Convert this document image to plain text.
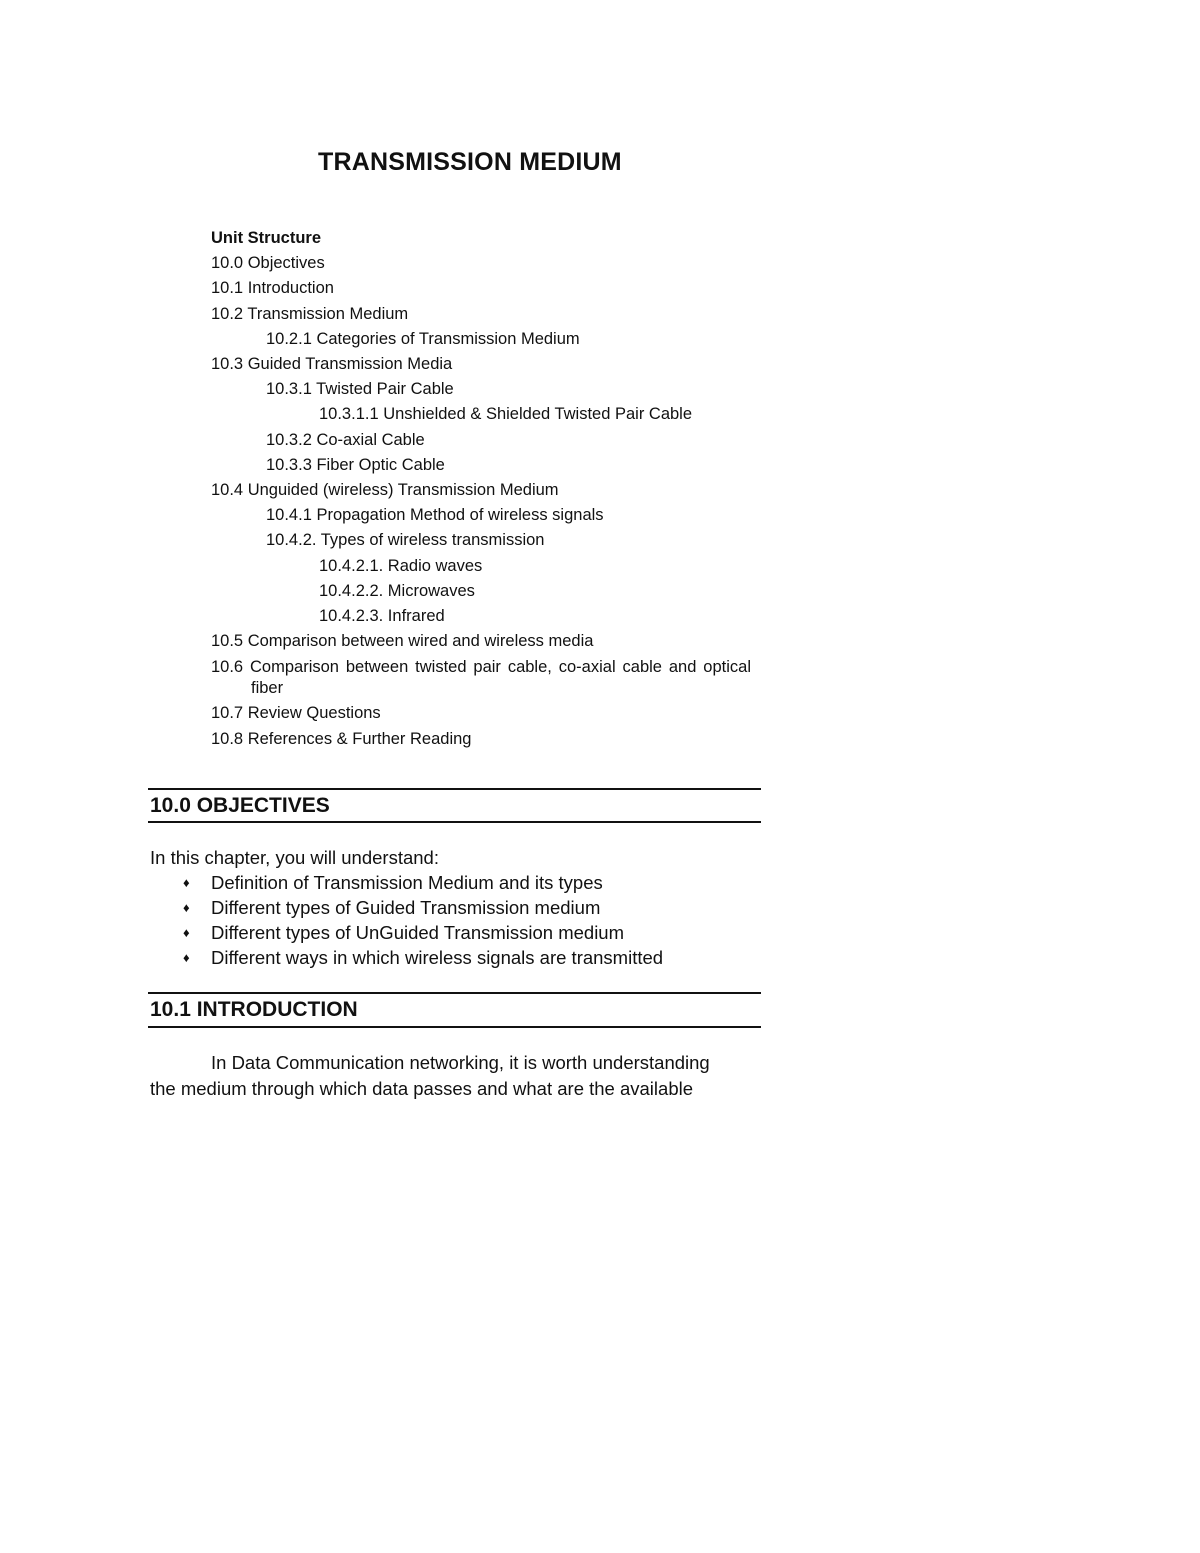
TRANSMISSION MEDIUM
Unit Structure
10.0 Objectives
10.1 Introduction
10.2 Transmission Medium
10.2.1 Categories of Transmission Medium
10.3 Guided Transmission Media
10.3.1 Twisted Pair Cable
10.3.1.1 Unshielded & Shielded Twisted Pair Cable
10.3.2 Co-axial Cable
10.3.3 Fiber Optic Cable
10.4 Unguided (wireless) Transmission Medium
10.4.1 Propagation Method of wireless signals
10.4.2. Types of wireless transmission
10.4.2.1. Radio waves
10.4.2.2. Microwaves
10.4.2.3. Infrared
10.5 Comparison between wired and wireless media
10.6 Comparison between twisted pair cable, co-axial cable and optical fiber
10.7 Review Questions
10.8 References & Further Reading
10.0 OBJECTIVES

In this chapter, you will understand:

♦ Definition of Transmission Medium and its types
♦ Different types of Guided Transmission medium
♦ Different types of UnGuided Transmission medium
♦ Different ways in which wireless signals are transmitted
10.1 INTRODUCTION

In Data Communication networking, it is worth understanding
the medium through which data passes and what are the available
